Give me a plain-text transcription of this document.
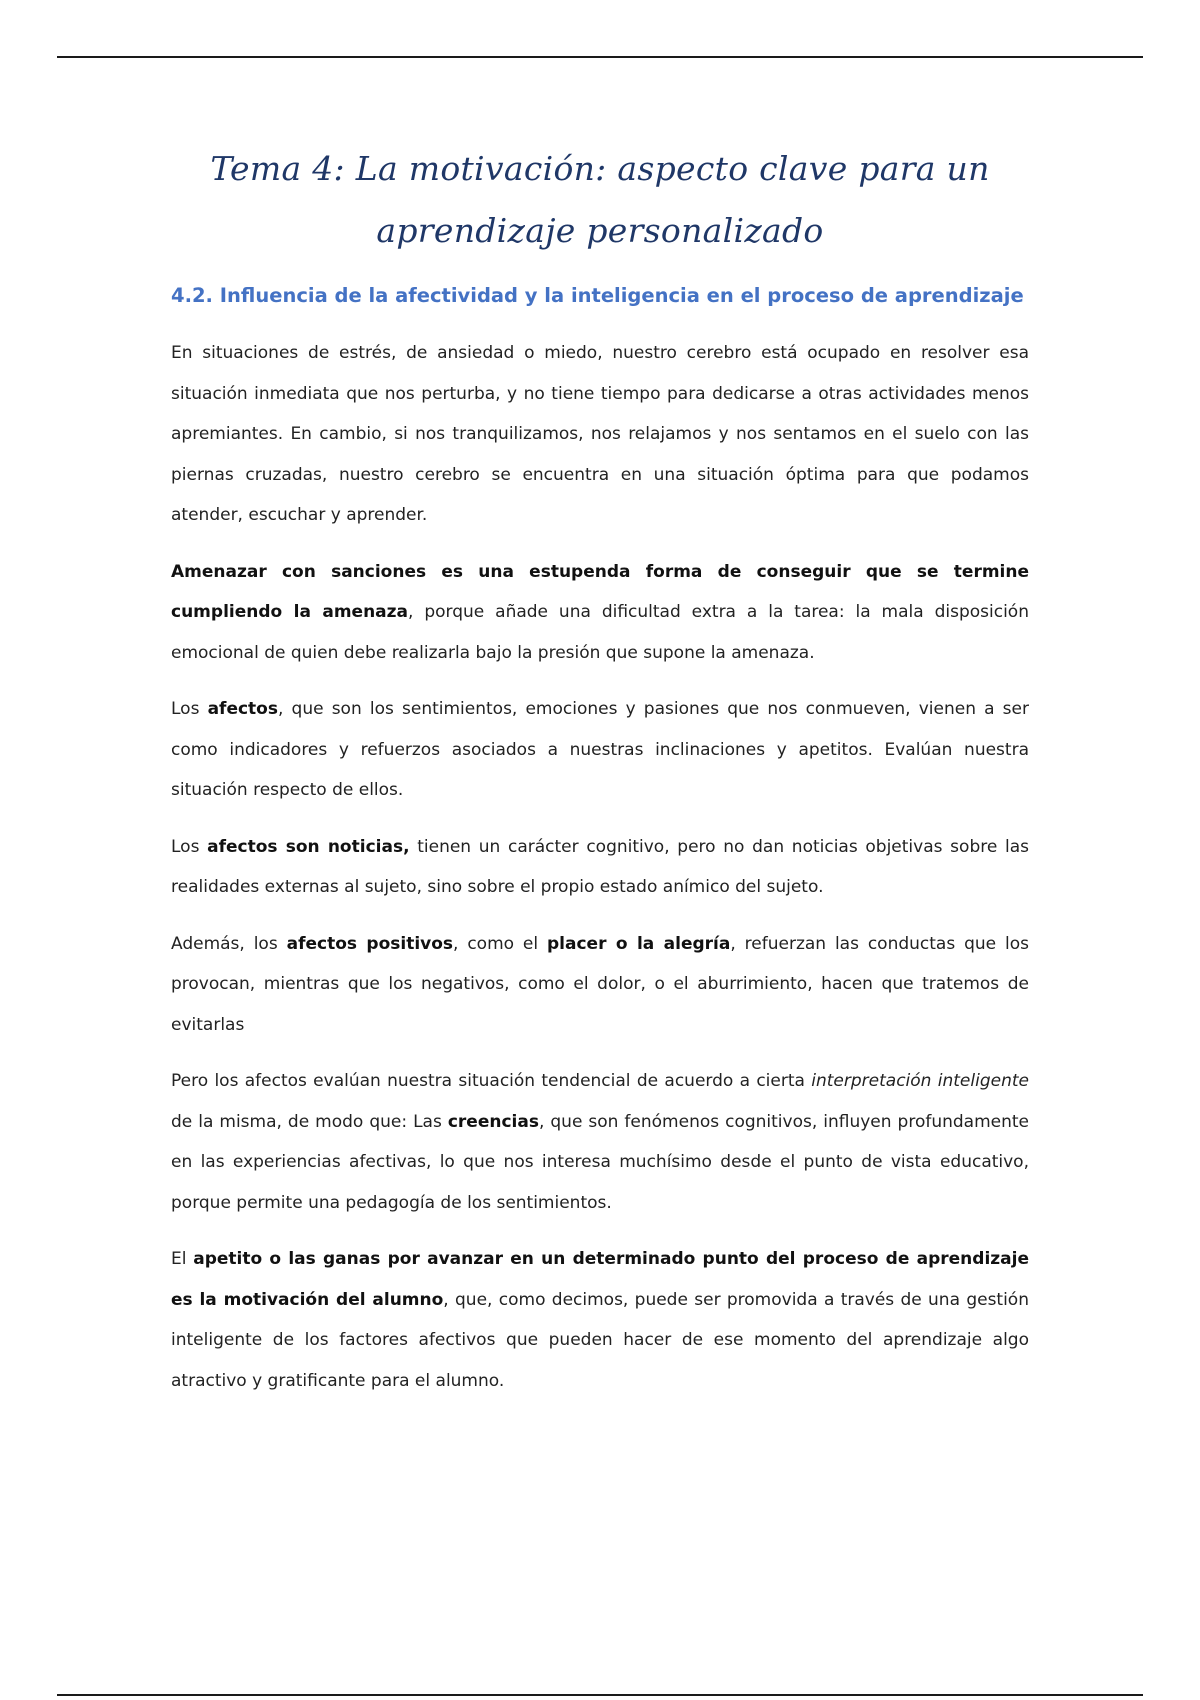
Tema 4: La motivación: aspecto clave para un
aprendizaje personalizado
4.2. Influencia de la afectividad y la inteligencia en el proceso de aprendizaje

En situaciones de estrés, de ansiedad o miedo, nuestro cerebro está ocupado en resolver esa situación inmediata que nos perturba, y no tiene tiempo para dedicarse a otras actividades menos apremiantes. En cambio, si nos tranquilizamos, nos relajamos y nos sentamos en el suelo con las piernas cruzadas, nuestro cerebro se encuentra en una situación óptima para que podamos atender, escuchar y aprender.

Amenazar con sanciones es una estupenda forma de conseguir que se termine cumpliendo la amenaza, porque añade una dificultad extra a la tarea: la mala disposición emocional de quien debe realizarla bajo la presión que supone la amenaza.

Los afectos, que son los sentimientos, emociones y pasiones que nos conmueven, vienen a ser como indicadores y refuerzos asociados a nuestras inclinaciones y apetitos. Evalúan nuestra situación respecto de ellos.

Los afectos son noticias, tienen un carácter cognitivo, pero no dan noticias objetivas sobre las realidades externas al sujeto, sino sobre el propio estado anímico del sujeto.

Además, los afectos positivos, como el placer o la alegría, refuerzan las conductas que los provocan, mientras que los negativos, como el dolor, o el aburrimiento, hacen que tratemos de evitarlas

Pero los afectos evalúan nuestra situación tendencial de acuerdo a cierta interpretación inteligente de la misma, de modo que: Las creencias, que son fenómenos cognitivos, influyen profundamente en las experiencias afectivas, lo que nos interesa muchísimo desde el punto de vista educativo, porque permite una pedagogía de los sentimientos.

El apetito o las ganas por avanzar en un determinado punto del proceso de aprendizaje es la motivación del alumno, que, como decimos, puede ser promovida a través de una gestión inteligente de los factores afectivos que pueden hacer de ese momento del aprendizaje algo atractivo y gratificante para el alumno.
